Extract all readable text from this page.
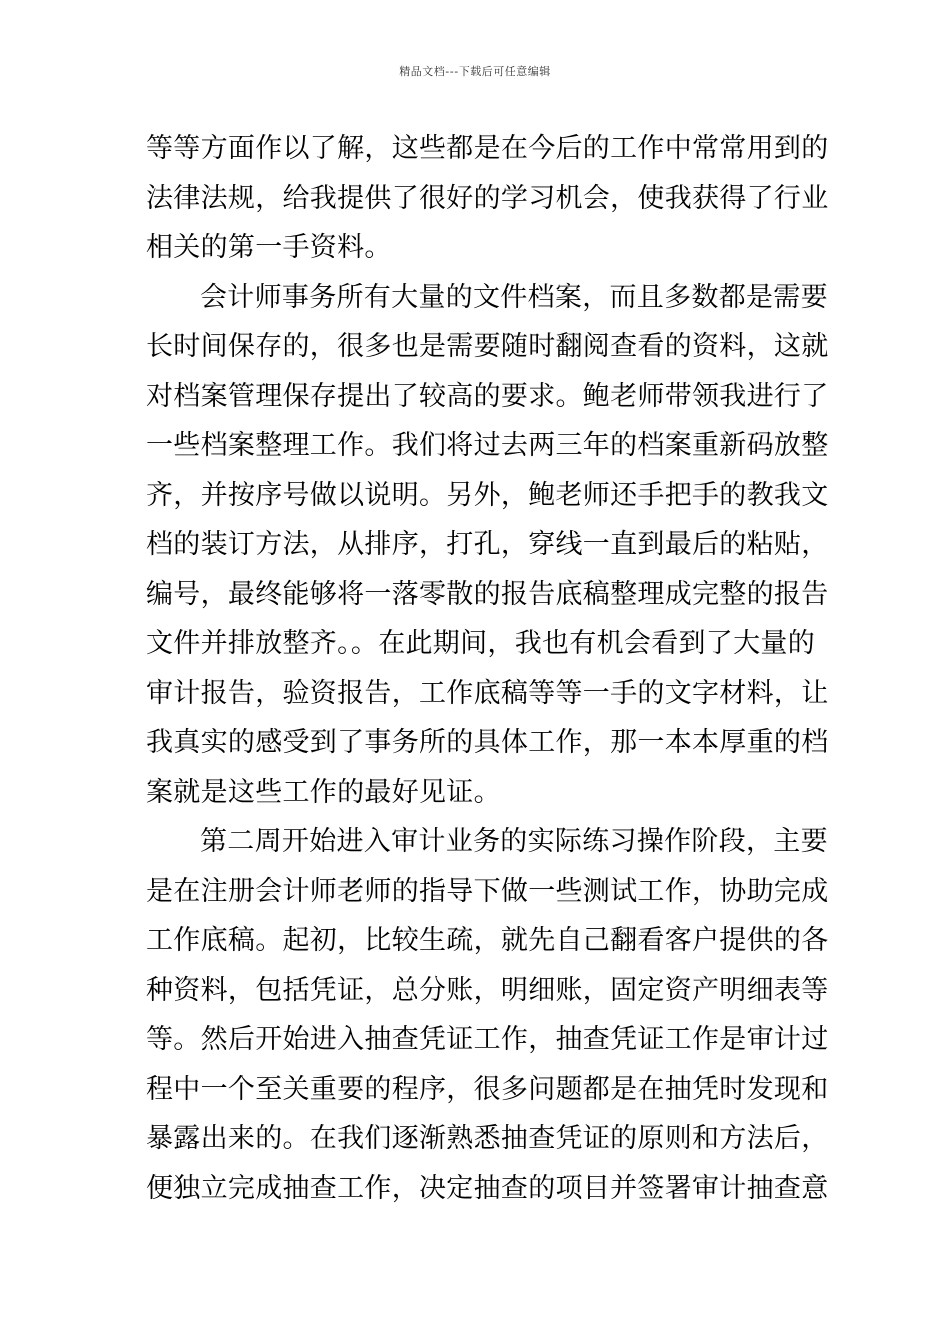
精品文档---下载后可任意编辑
等等方面作以了解，这些都是在今后的工作中常常用到的
法律法规，给我提供了很好的学习机会，使我获得了行业
相关的第一手资料。
会计师事务所有大量的文件档案，而且多数都是需要
长时间保存的，很多也是需要随时翻阅查看的资料，这就
对档案管理保存提出了较高的要求。鲍老师带领我进行了
一些档案整理工作。我们将过去两三年的档案重新码放整
齐，并按序号做以说明。另外，鲍老师还手把手的教我文
档的装订方法，从排序，打孔，穿线一直到最后的粘贴，
编号，最终能够将一落零散的报告底稿整理成完整的报告
文件并排放整齐。。在此期间，我也有机会看到了大量的
审计报告，验资报告，工作底稿等等一手的文字材料，让
我真实的感受到了事务所的具体工作，那一本本厚重的档
案就是这些工作的最好见证。
第二周开始进入审计业务的实际练习操作阶段，主要
是在注册会计师老师的指导下做一些测试工作，协助完成
工作底稿。起初，比较生疏，就先自己翻看客户提供的各
种资料，包括凭证，总分账，明细账，固定资产明细表等
等。然后开始进入抽查凭证工作，抽查凭证工作是审计过
程中一个至关重要的程序，很多问题都是在抽凭时发现和
暴露出来的。在我们逐渐熟悉抽查凭证的原则和方法后，
便独立完成抽查工作，决定抽查的项目并签署审计抽查意
